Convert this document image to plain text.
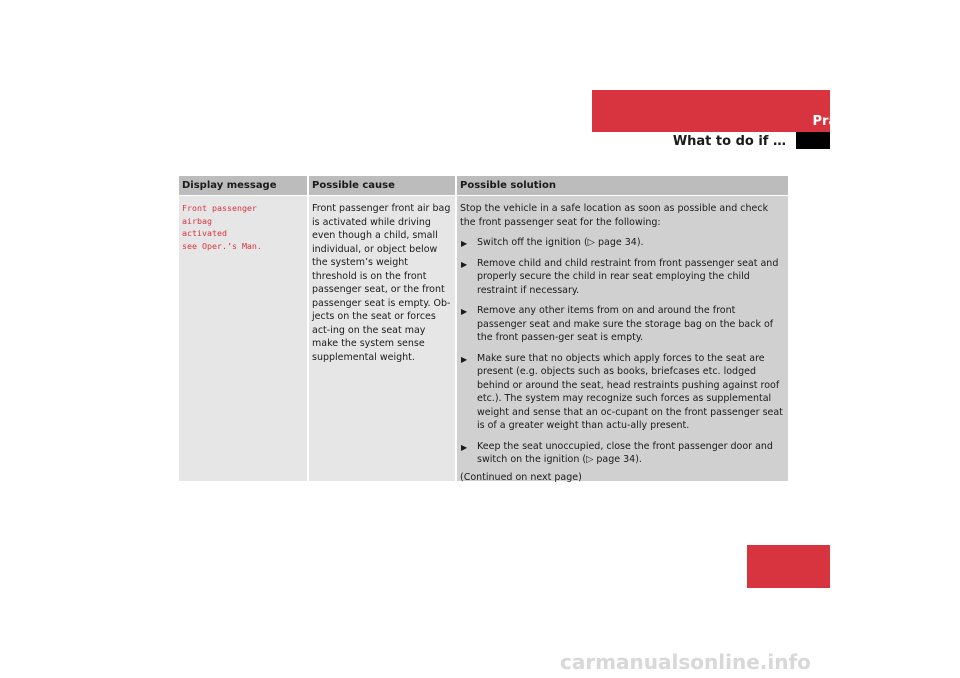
Practical hints
What to do if …
Display message
Front passenger
airbag
activated
see Oper.’s Man.
Possible cause
Front passenger front air bag is activated while driving even though a child, small individual, or object below the system’s weight threshold is on the front passenger seat, or the front passenger seat is empty. Ob-jects on the seat or forces act-ing on the seat may make the system sense supplemental weight.
Possible solution

Stop the vehicle in a safe location as soon as possible and check the front passenger seat for the following:

▶ Switch off the ignition (▷ page 34).
▶ Remove child and child restraint from front passenger seat and properly secure the child in rear seat employing the child restraint if necessary.
▶ Remove any other items from on and around the front passenger seat and make sure the storage bag on the back of the front passen-ger seat is empty.
▶ Make sure that no objects which apply forces to the seat are present (e.g. objects such as books, briefcases etc. lodged behind or around the seat, head restraints pushing against roof etc.). The system may recognize such forces as supplemental weight and sense that an oc-cupant on the front passenger seat is of a greater weight than actu-ally present.
▶ Keep the seat unoccupied, close the front passenger door and switch on the ignition (▷ page 34).

(Continued on next page)

401
carmanualsonline.info
